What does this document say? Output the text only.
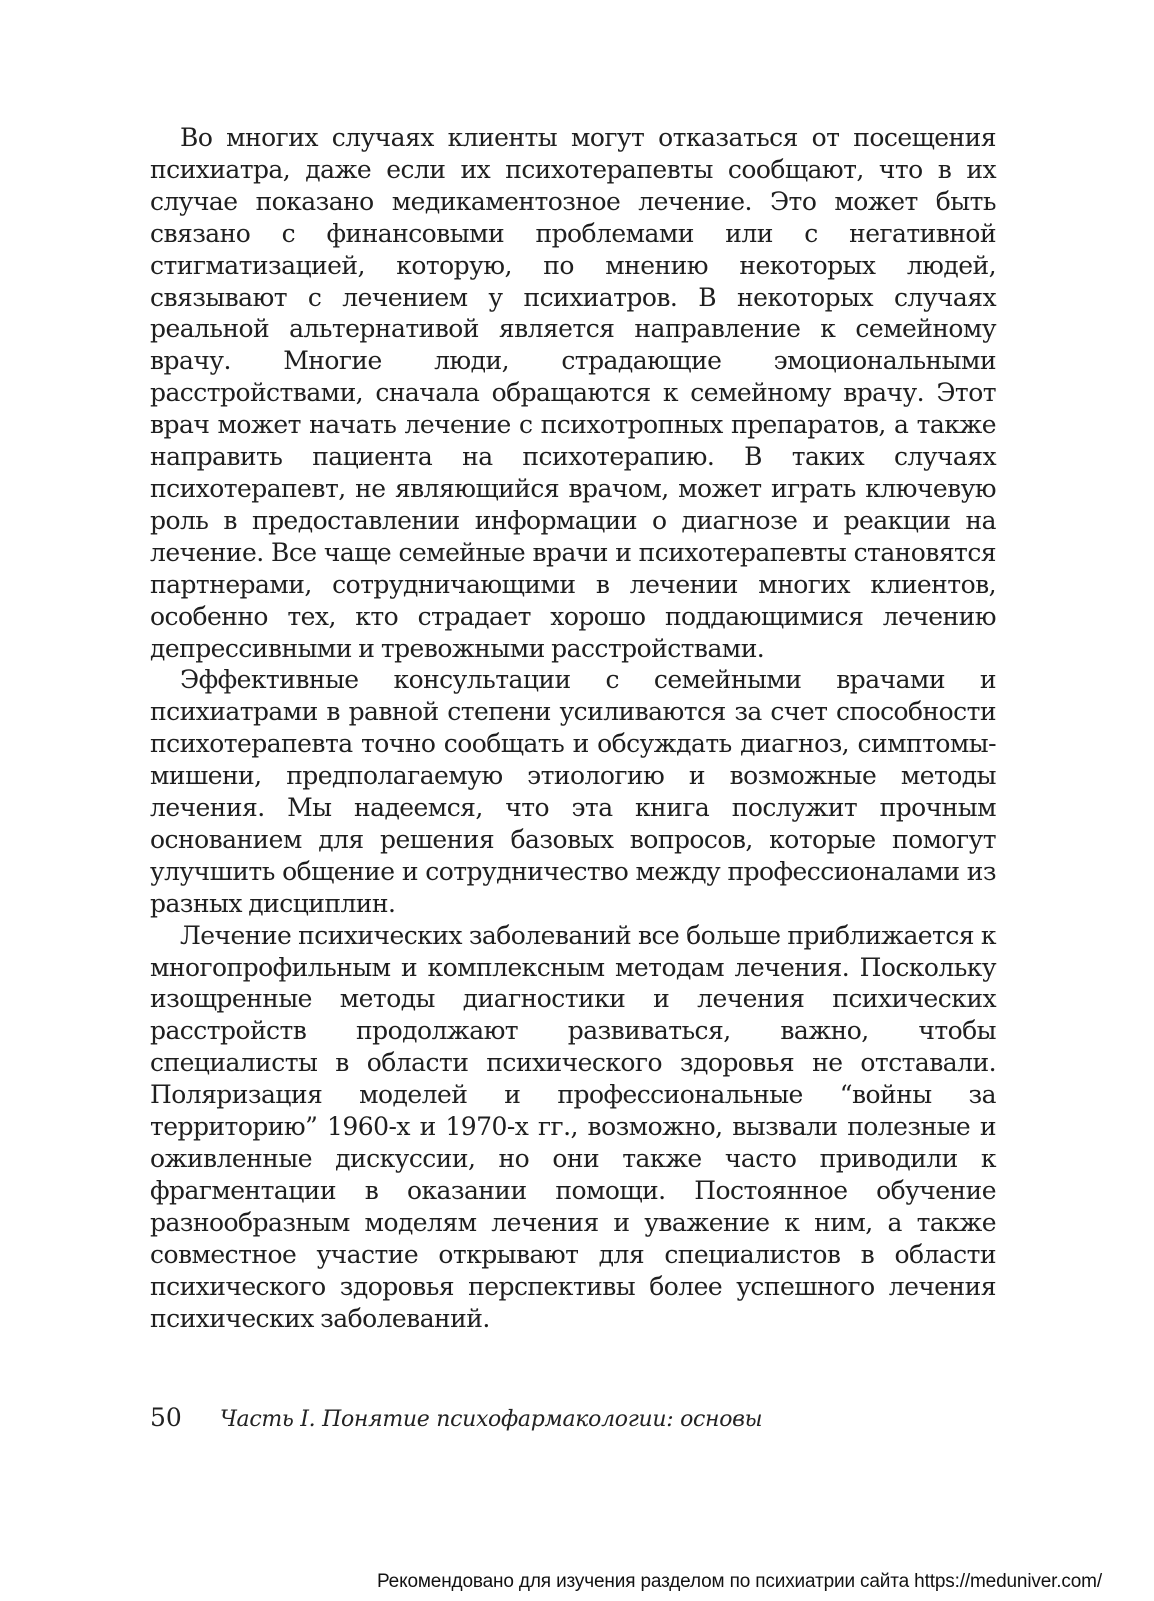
Во многих случаях клиенты могут отказаться от посещения психиатра, даже если их психотерапевты сообщают, что в их случае показано медикаментозное лечение. Это может быть связано с финансовыми проблемами или с негативной стигматизацией, которую, по мнению некоторых людей, связывают с лечением у психиатров. В некоторых случаях реальной альтернативой является направление к семейному врачу. Многие люди, страдающие эмоциональными расстройствами, сначала обращаются к семейному врачу. Этот врач может начать лечение с психотропных препаратов, а также направить пациента на психотерапию. В таких случаях психотерапевт, не являющийся врачом, может играть ключевую роль в предоставлении информации о диагнозе и реакции на лечение. Все чаще семейные врачи и психотерапевты становятся партнерами, сотрудничающими в лечении многих клиентов, особенно тех, кто страдает хорошо поддающимися лечению депрессивными и тревожными расстройствами.

Эффективные консультации с семейными врачами и психиатрами в равной степени усиливаются за счет способности психотерапевта точно сообщать и обсуждать диагноз, симптомы-мишени, предполагаемую этиологию и возможные методы лечения. Мы надеемся, что эта книга послужит прочным основанием для решения базовых вопросов, которые помогут улучшить общение и сотрудничество между профессионалами из разных дисциплин.

Лечение психических заболеваний все больше приближается к многопрофильным и комплексным методам лечения. Поскольку изощренные методы диагностики и лечения психических расстройств продолжают развиваться, важно, чтобы специалисты в области психического здоровья не отставали. Поляризация моделей и профессиональные “войны за территорию” 1960-х и 1970-х гг., возможно, вызвали полезные и оживленные дискуссии, но они также часто приводили к фрагментации в оказании помощи. Постоянное обучение разнообразным моделям лечения и уважение к ним, а также совместное участие открывают для специалистов в области психического здоровья перспективы более успешного лечения психических заболеваний.

50 Часть I. Понятие психофармакологии: основы
Рекомендовано для изучения разделом по психиатрии сайта https://meduniver.com/
